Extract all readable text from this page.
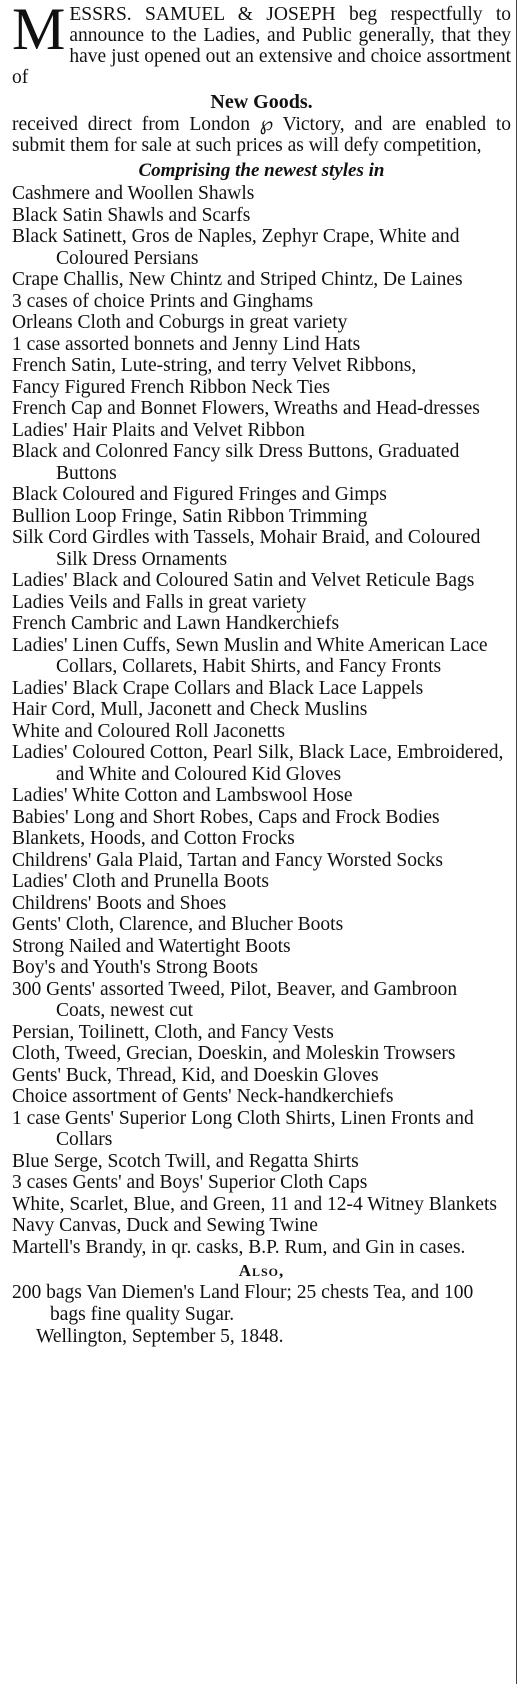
MESSRS. SAMUEL & JOSEPH beg respectfully to announce to the Ladies, and Public generally, that they have just opened out an extensive and choice assortment of

New Goods.

received direct from London ℘ Victory, and are enabled to submit them for sale at such prices as will defy competition,

Comprising the newest styles in

Cashmere and Woollen Shawls
Black Satin Shawls and Scarfs
Black Satinett, Gros de Naples, Zephyr Crape, White and Coloured Persians
Crape Challis, New Chintz and Striped Chintz, De Laines
3 cases of choice Prints and Ginghams
Orleans Cloth and Coburgs in great variety
1 case assorted bonnets and Jenny Lind Hats
French Satin, Lute-string, and terry Velvet Ribbons,
Fancy Figured French Ribbon Neck Ties
French Cap and Bonnet Flowers, Wreaths and Head-dresses
Ladies' Hair Plaits and Velvet Ribbon
Black and Colonred Fancy silk Dress Buttons, Graduated Buttons
Black Coloured and Figured Fringes and Gimps
Bullion Loop Fringe, Satin Ribbon Trimming
Silk Cord Girdles with Tassels, Mohair Braid, and Coloured Silk Dress Ornaments
Ladies' Black and Coloured Satin and Velvet Reticule Bags
Ladies Veils and Falls in great variety
French Cambric and Lawn Handkerchiefs
Ladies' Linen Cuffs, Sewn Muslin and White American Lace Collars, Collarets, Habit Shirts, and Fancy Fronts
Ladies' Black Crape Collars and Black Lace Lappels
Hair Cord, Mull, Jaconett and Check Muslins
White and Coloured Roll Jaconetts
Ladies' Coloured Cotton, Pearl Silk, Black Lace, Embroidered, and White and Coloured Kid Gloves
Ladies' White Cotton and Lambswool Hose
Babies' Long and Short Robes, Caps and Frock Bodies
Blankets, Hoods, and Cotton Frocks
Childrens' Gala Plaid, Tartan and Fancy Worsted Socks
Ladies' Cloth and Prunella Boots
Childrens' Boots and Shoes
Gents' Cloth, Clarence, and Blucher Boots
Strong Nailed and Watertight Boots
Boy's and Youth's Strong Boots
300 Gents' assorted Tweed, Pilot, Beaver, and Gambroon Coats, newest cut
Persian, Toilinett, Cloth, and Fancy Vests
Cloth, Tweed, Grecian, Doeskin, and Moleskin Trowsers
Gents' Buck, Thread, Kid, and Doeskin Gloves
Choice assortment of Gents' Neck-handkerchiefs
1 case Gents' Superior Long Cloth Shirts, Linen Fronts and Collars
Blue Serge, Scotch Twill, and Regatta Shirts
3 cases Gents' and Boys' Superior Cloth Caps
White, Scarlet, Blue, and Green, 11 and 12-4 Witney Blankets
Navy Canvas, Duck and Sewing Twine
Martell's Brandy, in qr. casks, B.P. Rum, and Gin in cases.

Also,

200 bags Van Diemen's Land Flour; 25 chests Tea, and 100 bags fine quality Sugar.

Wellington, September 5, 1848.
